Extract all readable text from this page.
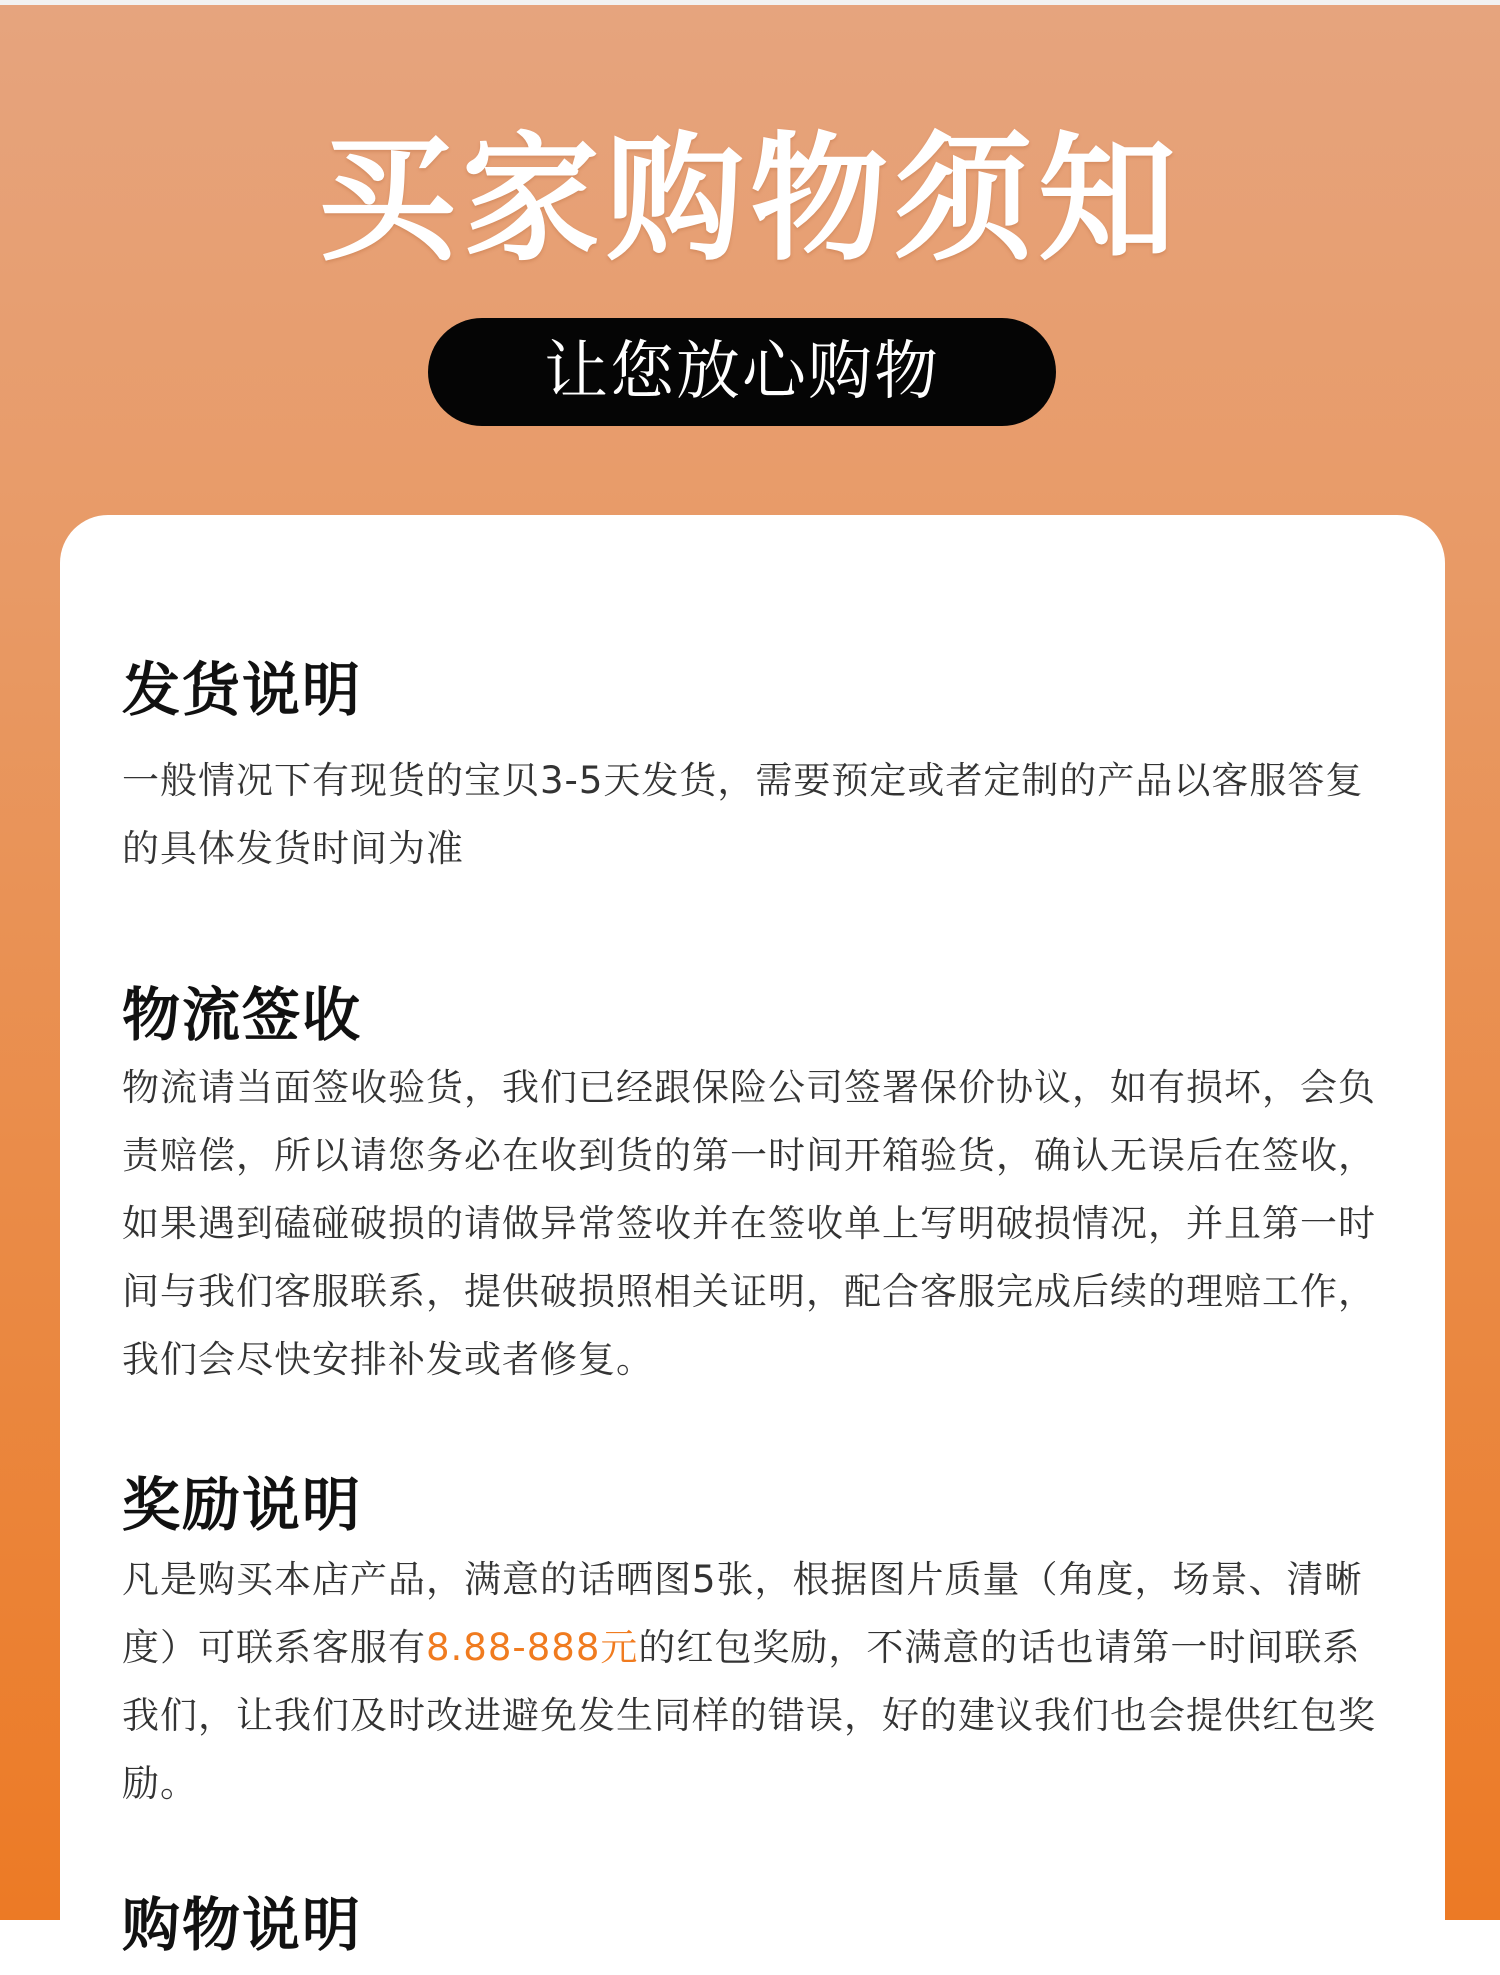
买家购物须知
让您放心购物
发货说明

一般情况下有现货的宝贝3-5天发货，需要预定或者定制的产品以客服答复的具体发货时间为准

物流签收

物流请当面签收验货，我们已经跟保险公司签署保价协议，如有损坏，会负责赔偿，所以请您务必在收到货的第一时间开箱验货，确认无误后在签收，如果遇到磕碰破损的请做异常签收并在签收单上写明破损情况，并且第一时间与我们客服联系，提供破损照相关证明，配合客服完成后续的理赔工作，我们会尽快安排补发或者修复。

奖励说明

凡是购买本店产品，满意的话晒图5张，根据图片质量（角度，场景、清晰度）可联系客服有8.88-888元的红包奖励，不满意的话也请第一时间联系我们，让我们及时改进避免发生同样的错误，好的建议我们也会提供红包奖励。

购物说明
